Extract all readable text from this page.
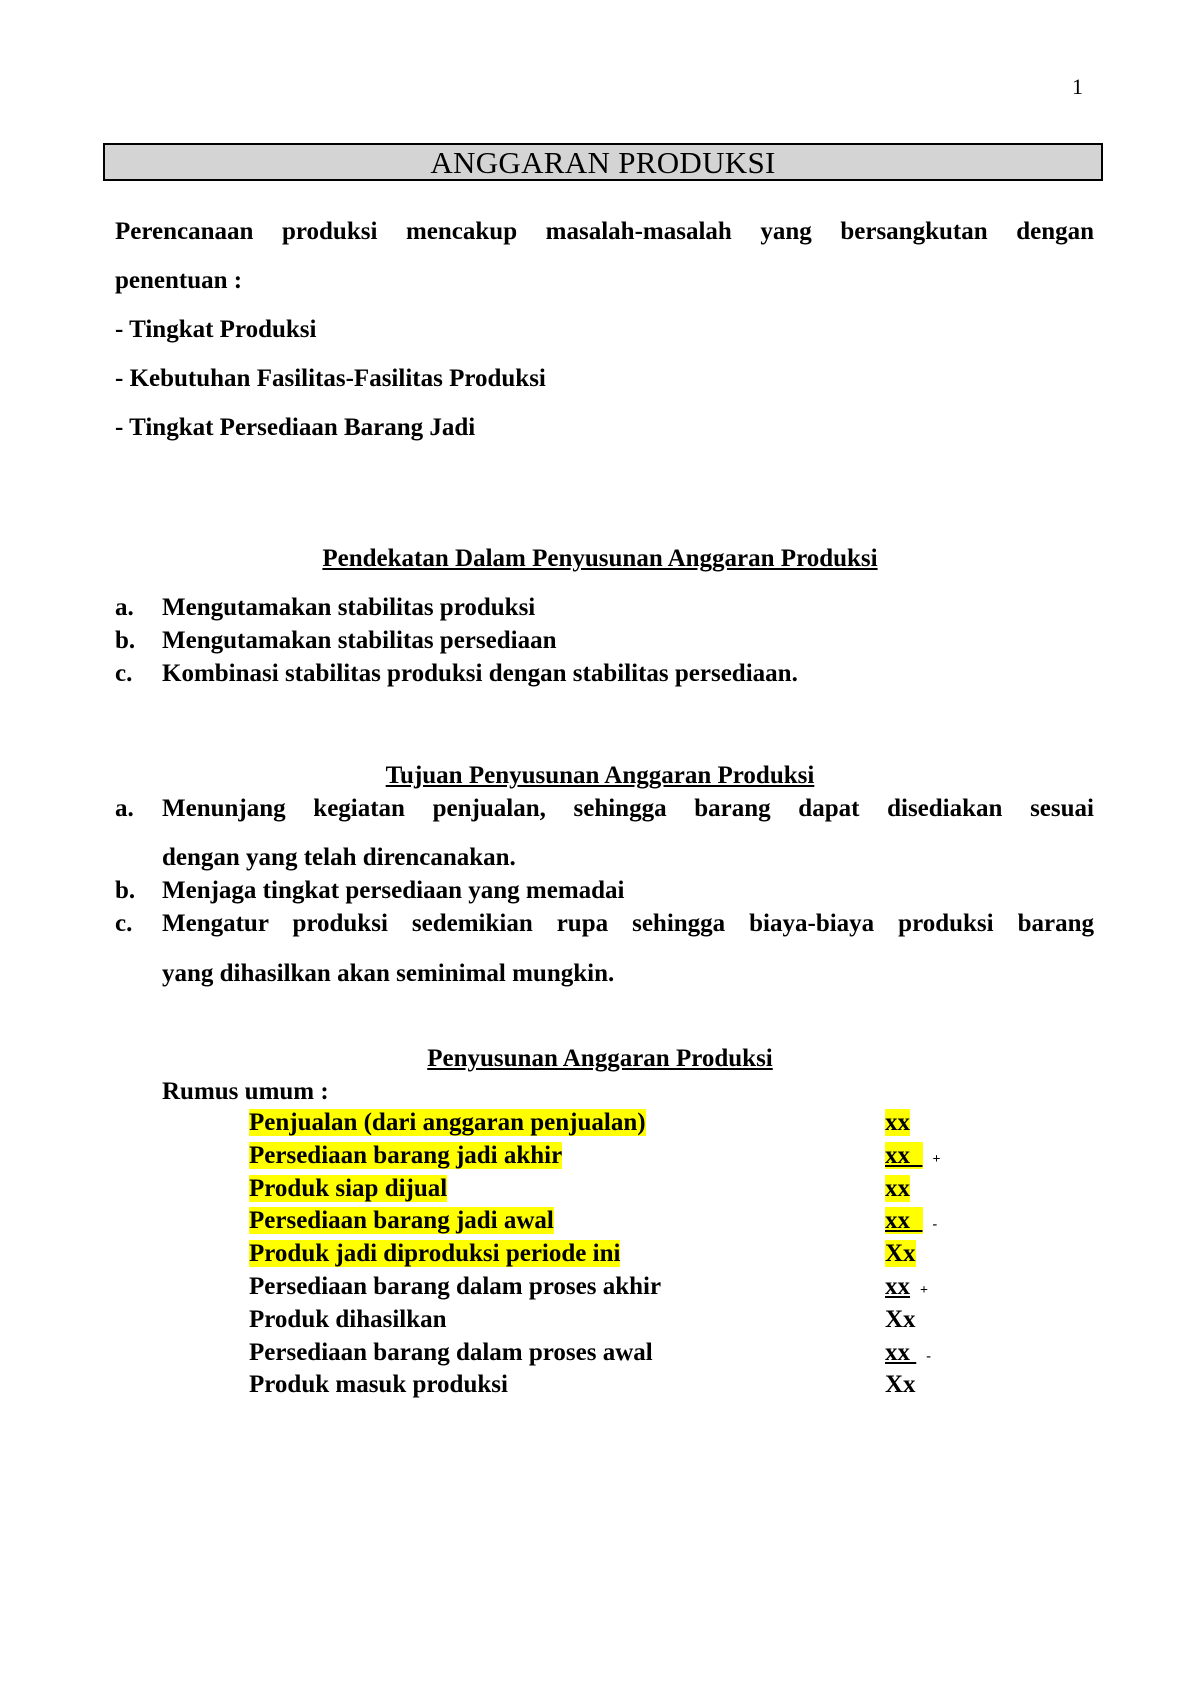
1
ANGGARAN PRODUKSI
Perencanaan produksi mencakup masalah-masalah yang bersangkutan dengan
penentuan :
- Tingkat Produksi
- Kebutuhan Fasilitas-Fasilitas Produksi
- Tingkat Persediaan Barang Jadi
Pendekatan Dalam Penyusunan Anggaran Produksi
a. Mengutamakan stabilitas produksi
b. Mengutamakan stabilitas persediaan
c. Kombinasi stabilitas produksi dengan stabilitas persediaan.
Tujuan Penyusunan Anggaran Produksi
a. Menunjang kegiatan penjualan, sehingga barang dapat disediakan sesuai
dengan yang telah direncanakan.
b. Menjaga tingkat persediaan yang memadai
c. Mengatur produksi sedemikian rupa sehingga biaya-biaya produksi barang
yang dihasilkan akan seminimal mungkin.
Penyusunan Anggaran Produksi
Rumus umum :
Penjualan (dari anggaran penjualan)	xx
Persediaan barang jadi akhir	xx  +
Produk siap dijual	xx
Persediaan barang jadi awal	xx  -
Produk jadi diproduksi periode ini	Xx
Persediaan barang dalam proses akhir	xx +
Produk dihasilkan	Xx
Persediaan barang dalam proses awal	xx -
Produk masuk produksi	Xx
